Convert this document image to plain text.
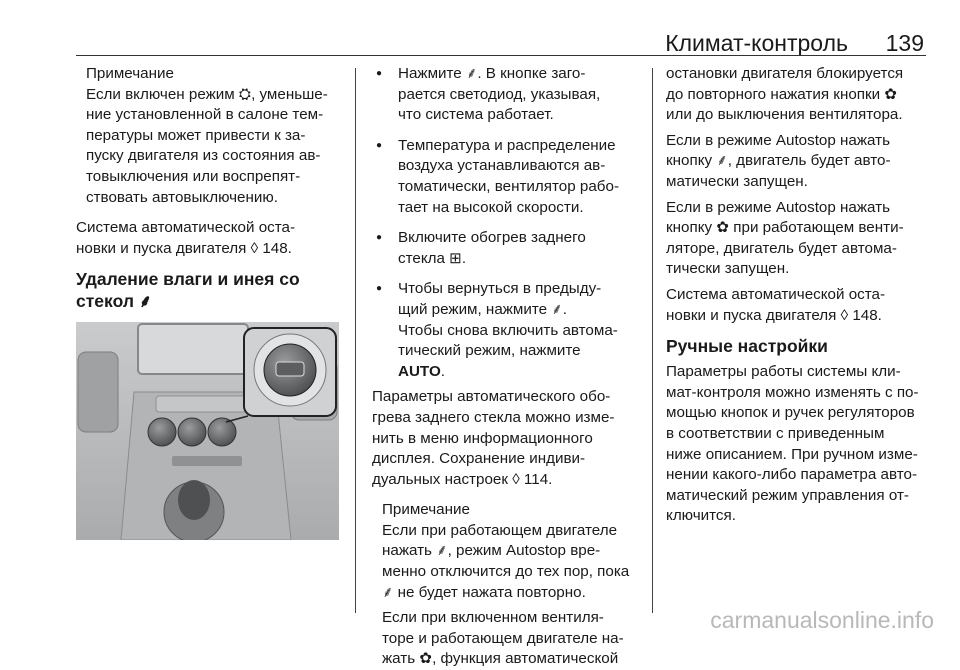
Климат-контроль 139

Примечание

Если включен режим ⛭, уменьше-

ние установленной в салоне тем-

пературы может привести к за-

пуску двигателя из состояния ав-

товыключения или воспрепят-

ствовать автовыключению.

Система автоматической оста-

новки и пуска двигателя ◊ 148.

Удаление влаги и инея со

стекол ⸙

● Нажмите ⸙. В кнопке заго-

рается светодиод, указывая,

что система работает.

● Температура и распределение

воздуха устанавливаются ав-

томатически, вентилятор рабо-

тает на высокой скорости.

● Включите обогрев заднего

стекла ⊞.

● Чтобы вернуться в предыду-

щий режим, нажмите ⸙.

Чтобы снова включить автома-

тический режим, нажмите

AUTO.

Параметры автоматического обо-

грева заднего стекла можно изме-

нить в меню информационного

дисплея. Сохранение индиви-

дуальных настроек ◊ 114.

Примечание

Если при работающем двигателе

нажать ⸙, режим Autostop вре-

менно отключится до тех пор, пока

⸙ не будет нажата повторно.

Если при включенном вентиля-

торе и работающем двигателе на-

жать ✿, функция автоматической

остановки двигателя блокируется

до повторного нажатия кнопки ✿

или до выключения вентилятора.

Если в режиме Autostop нажать

кнопку ⸙, двигатель будет авто-

матически запущен.

Если в режиме Autostop нажать

кнопку ✿ при работающем венти-

ляторе, двигатель будет автома-

тически запущен.

Система автоматической оста-

новки и пуска двигателя ◊ 148.

Ручные настройки

Параметры работы системы кли-

мат-контроля можно изменять с по-

мощью кнопок и ручек регуляторов

в соответствии с приведенным

ниже описанием. При ручном изме-

нении какого-либо параметра авто-

матический режим управления от-

ключится.

carmanualsonline.info
